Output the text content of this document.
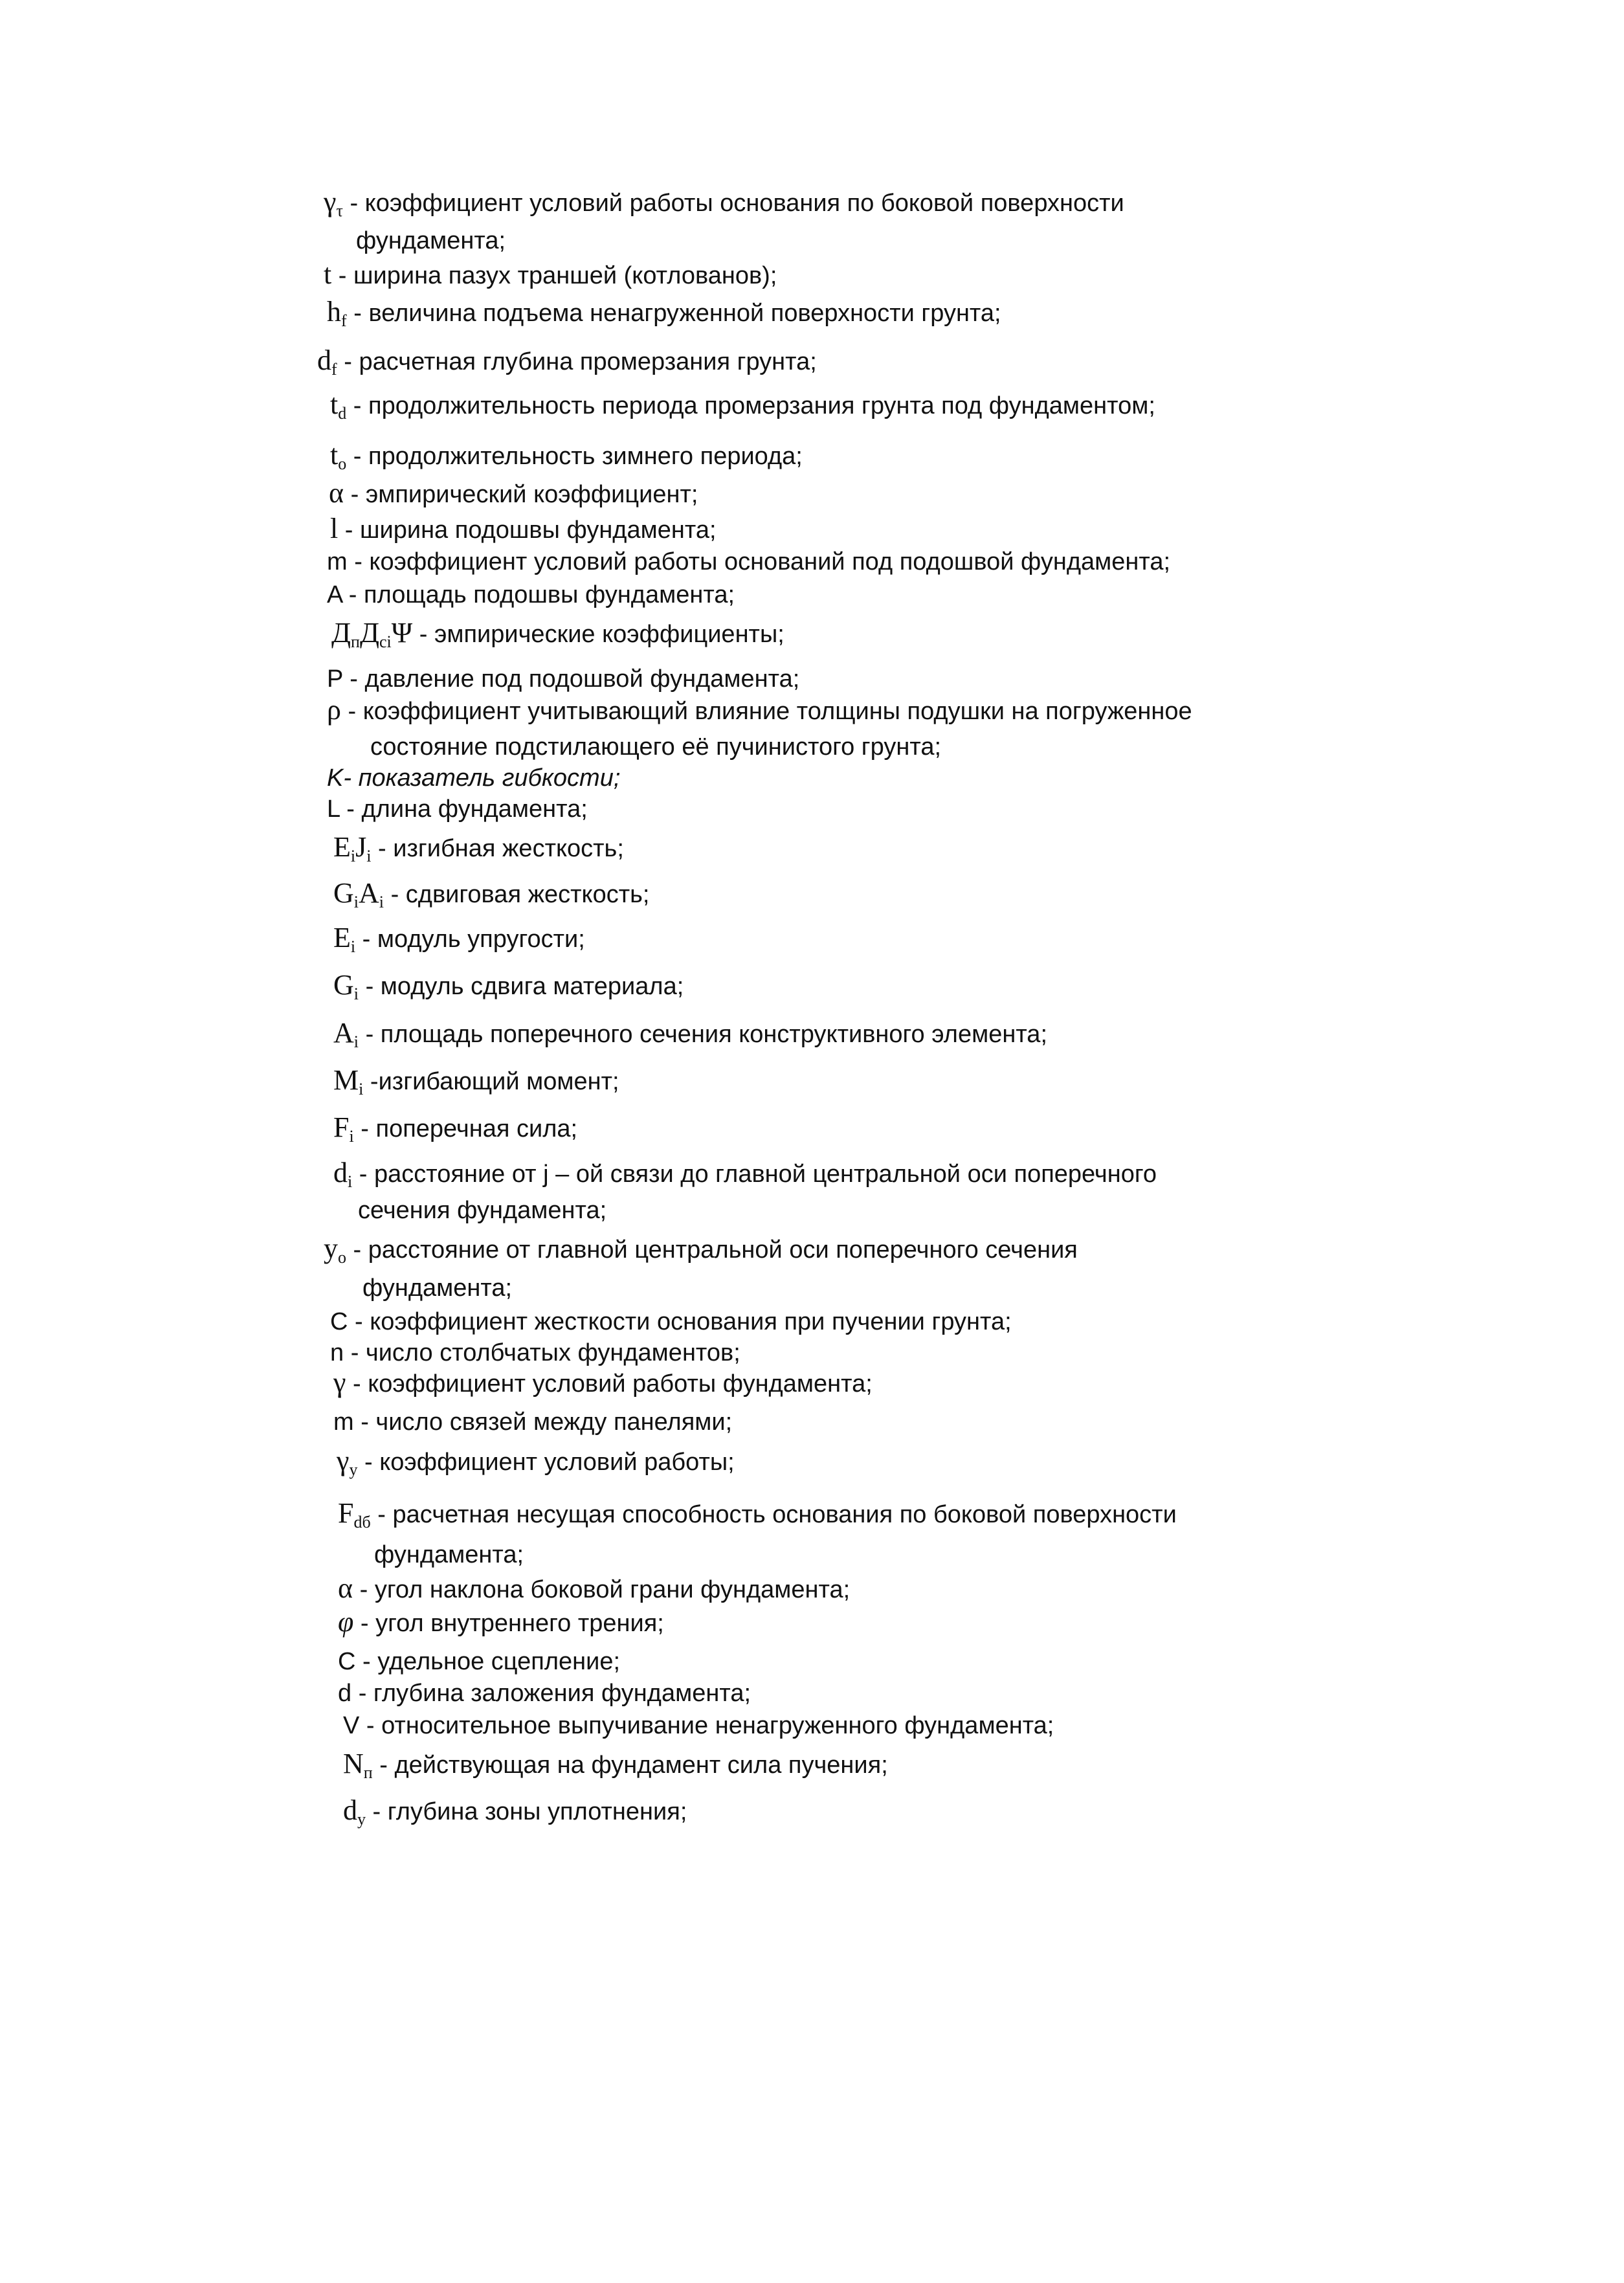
$\gamma_\tau$ - коэффициент условий работы основания по боковой поверхности
фундамента;
t - ширина пазух траншей (котлованов);
$h_f$ - величина подъема ненагруженной поверхности грунта;
$d_f$ - расчетная глубина промерзания грунта;
$t_d$ - продолжительность периода промерзания грунта под фундаментом;
$t_o$ - продолжительность зимнего периода;
α - эмпирический коэффициент;
l - ширина подошвы фундамента;
m - коэффициент условий работы оснований под подошвой фундамента;
A - площадь подошвы фундамента;
$Д_пД_{ci}\Psi$ - эмпирические коэффициенты;
P - давление под подошвой фундамента;
ρ - коэффициент учитывающий влияние толщины подушки на погруженное
состояние подстилающего её пучинистого грунта;
K- показатель гибкости;
L - длина фундамента;
$E_iJ_i$ - изгибная жесткость;
$G_iA_i$ - сдвиговая жесткость;
$E_i$ - модуль упругости;
$G_i$ - модуль сдвига материала;
$A_i$ - площадь поперечного сечения конструктивного элемента;
$M_i$ -изгибающий момент;
$F_i$ - поперечная сила;
$d_i$ - расстояние от j – ой связи до главной центральной оси поперечного
сечения фундамента;
$y_o$ - расстояние от главной центральной оси поперечного сечения
фундамента;
C - коэффициент жесткости основания при пучении грунта;
n - число столбчатых фундаментов;
γ - коэффициент условий работы фундамента;
m - число связей между панелями;
$\gamma_y$ - коэффициент условий работы;
$F_{dб}$ - расчетная несущая способность основания по боковой поверхности
фундамента;
α - угол наклона боковой грани фундамента;
φ - угол внутреннего трения;
C - удельное сцепление;
d - глубина заложения фундамента;
V - относительное выпучивание ненагруженного фундамента;
$N_п$ - действующая на фундамент сила пучения;
$d_y$ - глубина зоны уплотнения;
